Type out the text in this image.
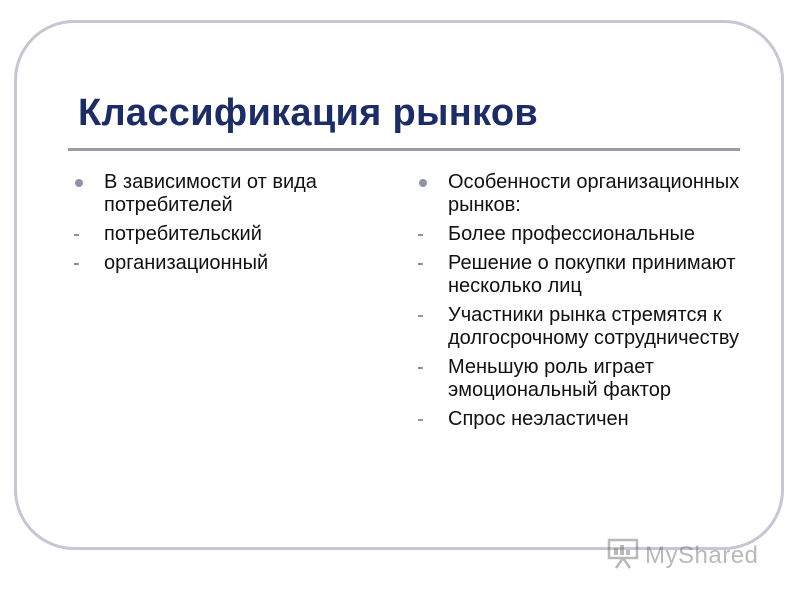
Классификация рынков
В зависимости от вида потребителей
потребительский
организационный
Особенности организационных рынков:
Более профессиональные
Решение о покупки принимают несколько лиц
Участники рынка стремятся к долгосрочному сотрудничеству
Меньшую роль играет эмоциональный фактор
Спрос неэластичен
MyShared
